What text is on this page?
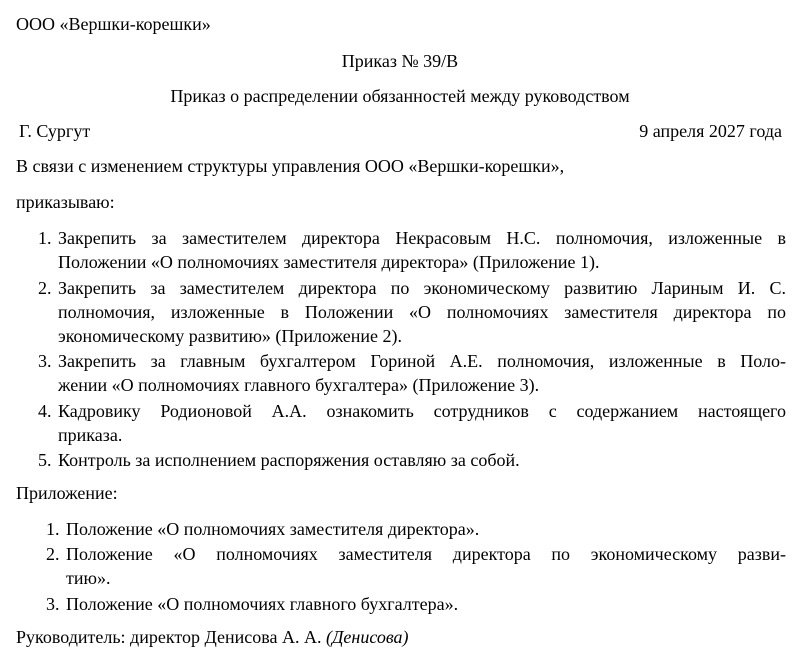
ООО «Вершки-корешки»
Приказ № 39/В
Приказ о распределении обязанностей между руководством
Г. Сургут	9 апреля 2027 года
В связи с изменением структуры управления ООО «Вершки-корешки»,
приказываю:
1. Закрепить за заместителем директора Некрасовым Н.С. полномочия, изложенные в
Положении «О полномочиях заместителя директора» (Приложение 1).
2. Закрепить за заместителем директора по экономическому развитию Лариным И. С.
полномочия, изложенные в Положении «О полномочиях заместителя директора по
экономическому развитию» (Приложение 2).
3. Закрепить за главным бухгалтером Гориной А.Е. полномочия, изложенные в Поло-
жении «О полномочиях главного бухгалтера» (Приложение 3).
4. Кадровику Родионовой А.А. ознакомить сотрудников с содержанием настоящего
приказа.
5. Контроль за исполнением распоряжения оставляю за собой.
Приложение:
1. Положение «О полномочиях заместителя директора».
2. Положение «О полномочиях заместителя директора по экономическому разви-
тию».
3. Положение «О полномочиях главного бухгалтера».
Руководитель: директор Денисова А. А. (Денисова)
